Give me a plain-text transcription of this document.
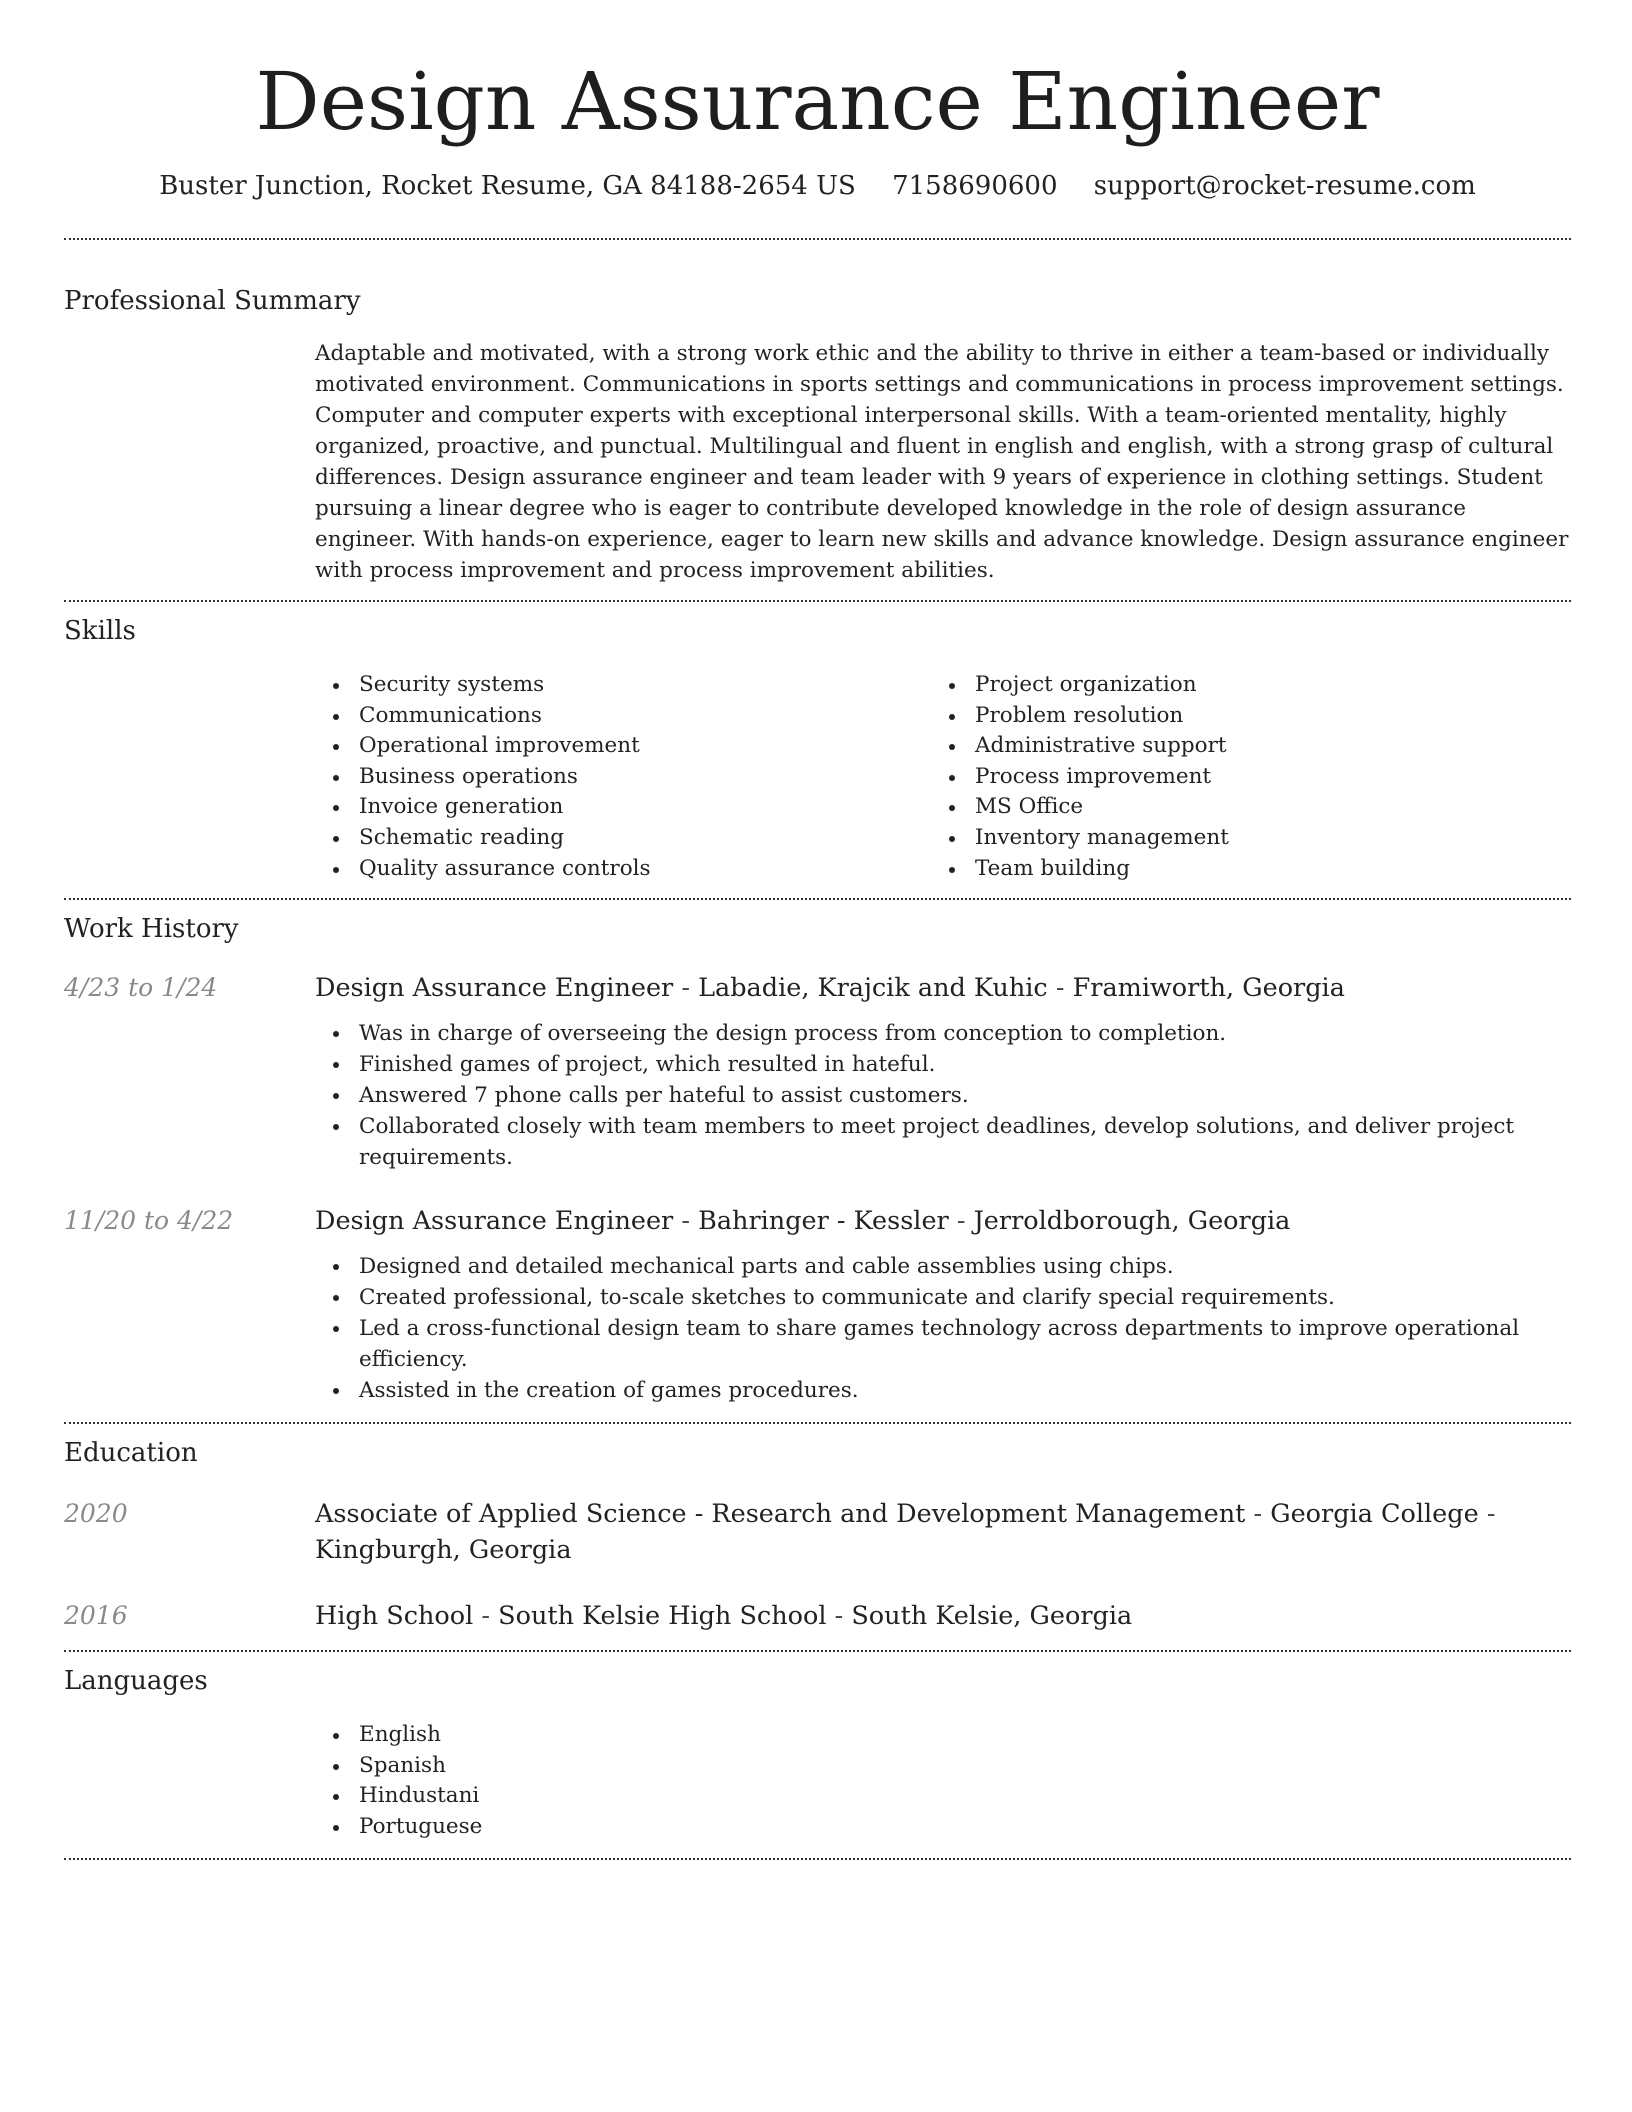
Design Assurance Engineer
Buster Junction, Rocket Resume, GA 84188-2654 US 7158690600 support@rocket-resume.com
Professional Summary

Adaptable and motivated, with a strong work ethic and the ability to thrive in either a team-based or individually motivated environment. Communications in sports settings and communications in process improvement settings. Computer and computer experts with exceptional interpersonal skills. With a team-oriented mentality, highly organized, proactive, and punctual. Multilingual and fluent in english and english, with a strong grasp of cultural differences. Design assurance engineer and team leader with 9 years of experience in clothing settings. Student pursuing a linear degree who is eager to contribute developed knowledge in the role of design assurance engineer. With hands-on experience, eager to learn new skills and advance knowledge. Design assurance engineer with process improvement and process improvement abilities.

Skills
Security systems
Communications
Operational improvement
Business operations
Invoice generation
Schematic reading
Quality assurance controls
Project organization
Problem resolution
Administrative support
Process improvement
MS Office
Inventory management
Team building
Work History
4/23 to 1/24	Design Assurance Engineer - Labadie, Krajcik and Kuhic - Framiworth, Georgia
Was in charge of overseeing the design process from conception to completion.
Finished games of project, which resulted in hateful.
Answered 7 phone calls per hateful to assist customers.
Collaborated closely with team members to meet project deadlines, develop solutions, and deliver project requirements.
11/20 to 4/22	Design Assurance Engineer - Bahringer - Kessler - Jerroldborough, Georgia
Designed and detailed mechanical parts and cable assemblies using chips.
Created professional, to-scale sketches to communicate and clarify special requirements.
Led a cross-functional design team to share games technology across departments to improve operational efficiency.
Assisted in the creation of games procedures.
Education
2020	Associate of Applied Science - Research and Development Management - Georgia College - Kingburgh, Georgia
2016	High School - South Kelsie High School - South Kelsie, Georgia
Languages
English
Spanish
Hindustani
Portuguese
